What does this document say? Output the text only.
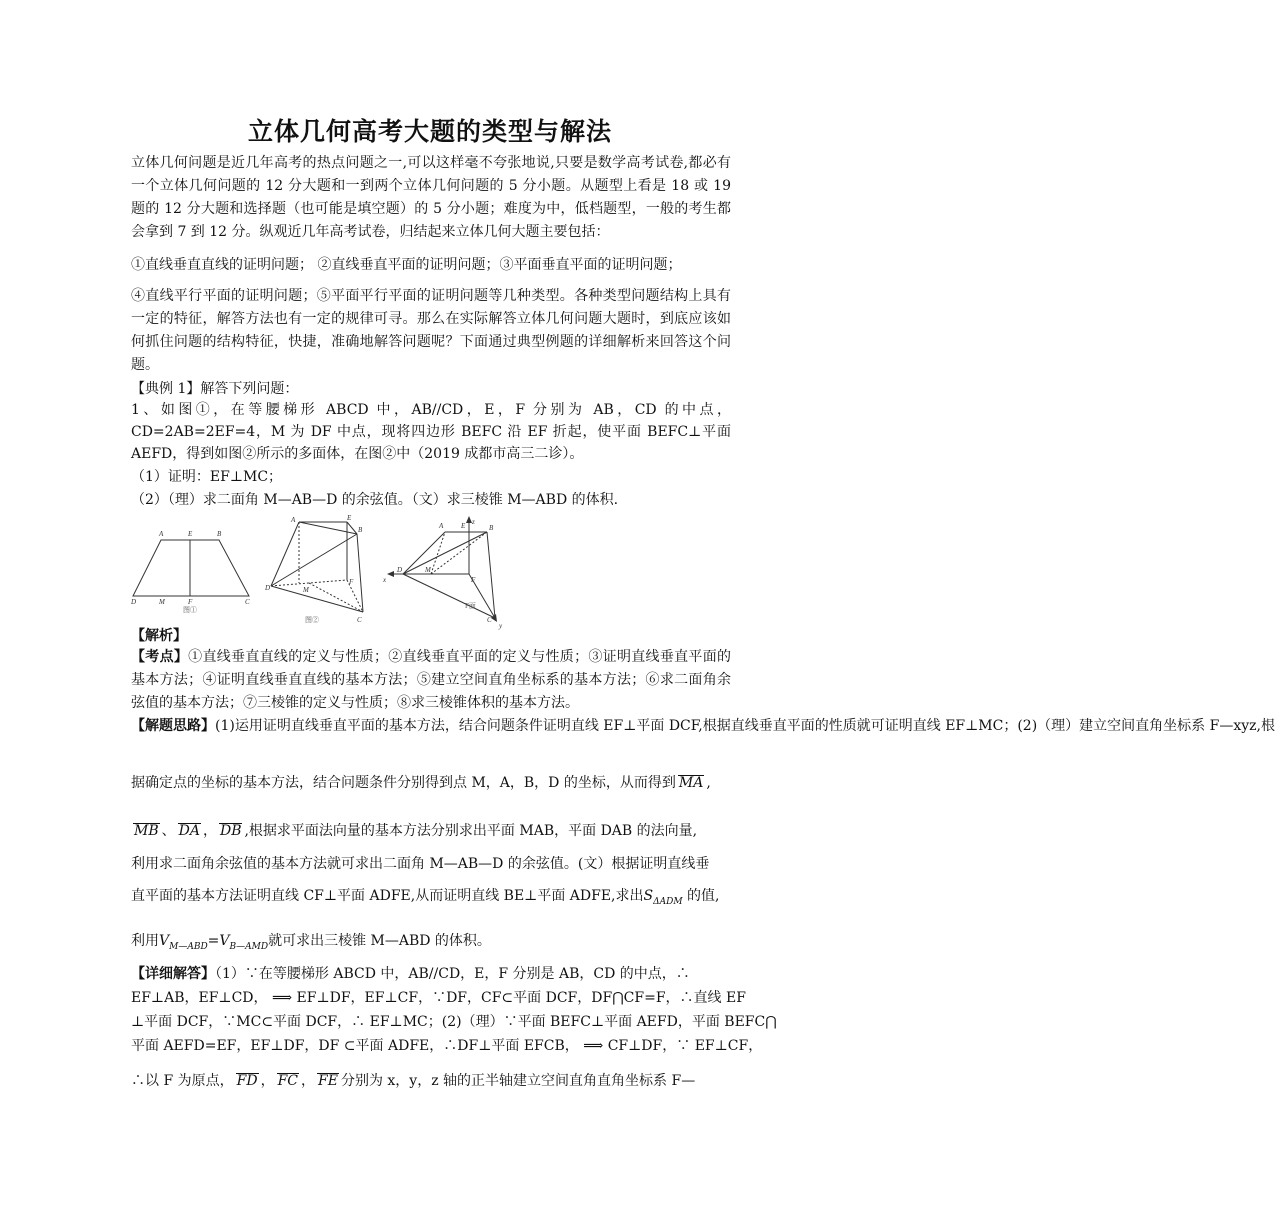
立体几何高考大题的类型与解法

立体几何问题是近几年高考的热点问题之一,可以这样毫不夸张地说,只要是数学高考试卷,都必有一个立体几何问题的 12 分大题和一到两个立体几何问题的 5 分小题。从题型上看是 18 或 19 题的 12 分大题和选择题（也可能是填空题）的 5 分小题；难度为中，低档题型，一般的考生都会拿到 7 到 12 分。纵观近几年高考试卷，归结起来立体几何大题主要包括：

①直线垂直直线的证明问题； ②直线垂直平面的证明问题；③平面垂直平面的证明问题；

④直线平行平面的证明问题；⑤平面平行平面的证明问题等几种类型。各种类型问题结构上具有一定的特征，解答方法也有一定的规律可寻。那么在实际解答立体几何问题大题时，到底应该如何抓住问题的结构特征，快捷，准确地解答问题呢？下面通过典型例题的详细解析来回答这个问题。

【典例 1】解答下列问题：

1、如图①，在等腰梯形 ABCD 中，AB//CD，E，F 分别为 AB，CD 的中点，CD=2AB=2EF=4，M 为 DF 中点，现将四边形 BEFC 沿 EF 折起，使平面 BEFC⊥平面 AEFD，得到如图②所示的多面体，在图②中（2019 成都市高三二诊）。

（1）证明：EF⊥MC；
（2）（理）求二面角 M—AB—D 的余弦值。（文）求三棱锥 M—ABD 的体积.
A	E	B
D	M	F	C
图①
A	E
B
D	M
F
C
图②
A	E z
B
x
D	M
F
C
y
F面
【解析】

【考点】①直线垂直直线的定义与性质；②直线垂直平面的定义与性质；③证明直线垂直平面的基本方法；④证明直线垂直直线的基本方法；⑤建立空间直角坐标系的基本方法；⑥求二面角余弦值的基本方法；⑦三棱锥的定义与性质；⑧求三棱锥体积的基本方法。

【解题思路】(1)运用证明直线垂直平面的基本方法，结合问题条件证明直线 EF⊥平面 DCF,根据直线垂直平面的性质就可证明直线 EF⊥MC；(2)（理）建立空间直角坐标系 F—xyz,根
据确定点的坐标的基本方法，结合问题条件分别得到点 M，A，B，D 的坐标，从而得到 MA ,
MB 、 DA ， DB ,根据求平面法向量的基本方法分别求出平面 MAB，平面 DAB 的法向量,
利用求二面角余弦值的基本方法就可求出二面角 M—AB—D 的余弦值。(文）根据证明直线垂
直平面的基本方法证明直线 CF⊥平面 ADFE,从而证明直线 BE⊥平面 ADFE,求出$S_{\Delta ADM}$ 的值,
利用$V_{M—ABD}=V_{B—AMD}$就可求出三棱锥 M—ABD 的体积。
【详细解答】（1）∵在等腰梯形 ABCD 中，AB//CD，E，F 分别是 AB，CD 的中点，∴
EF⊥AB，EF⊥CD， ⟹ EF⊥DF，EF⊥CF，∵DF，CF⊂平面 DCF，DF⋂CF=F，∴直线 EF
⊥平面 DCF，∵MC⊂平面 DCF，∴ EF⊥MC；(2)（理）∵平面 BEFC⊥平面 AEFD，平面 BEFC⋂
平面 AEFD=EF，EF⊥DF，DF ⊂平面 ADFE，∴DF⊥平面 EFCB， ⟹ CF⊥DF，∵ EF⊥CF，
∴以 F 为原点， FD ， FC ， FE 分别为 x，y，z 轴的正半轴建立空间直角直角坐标系 F—
